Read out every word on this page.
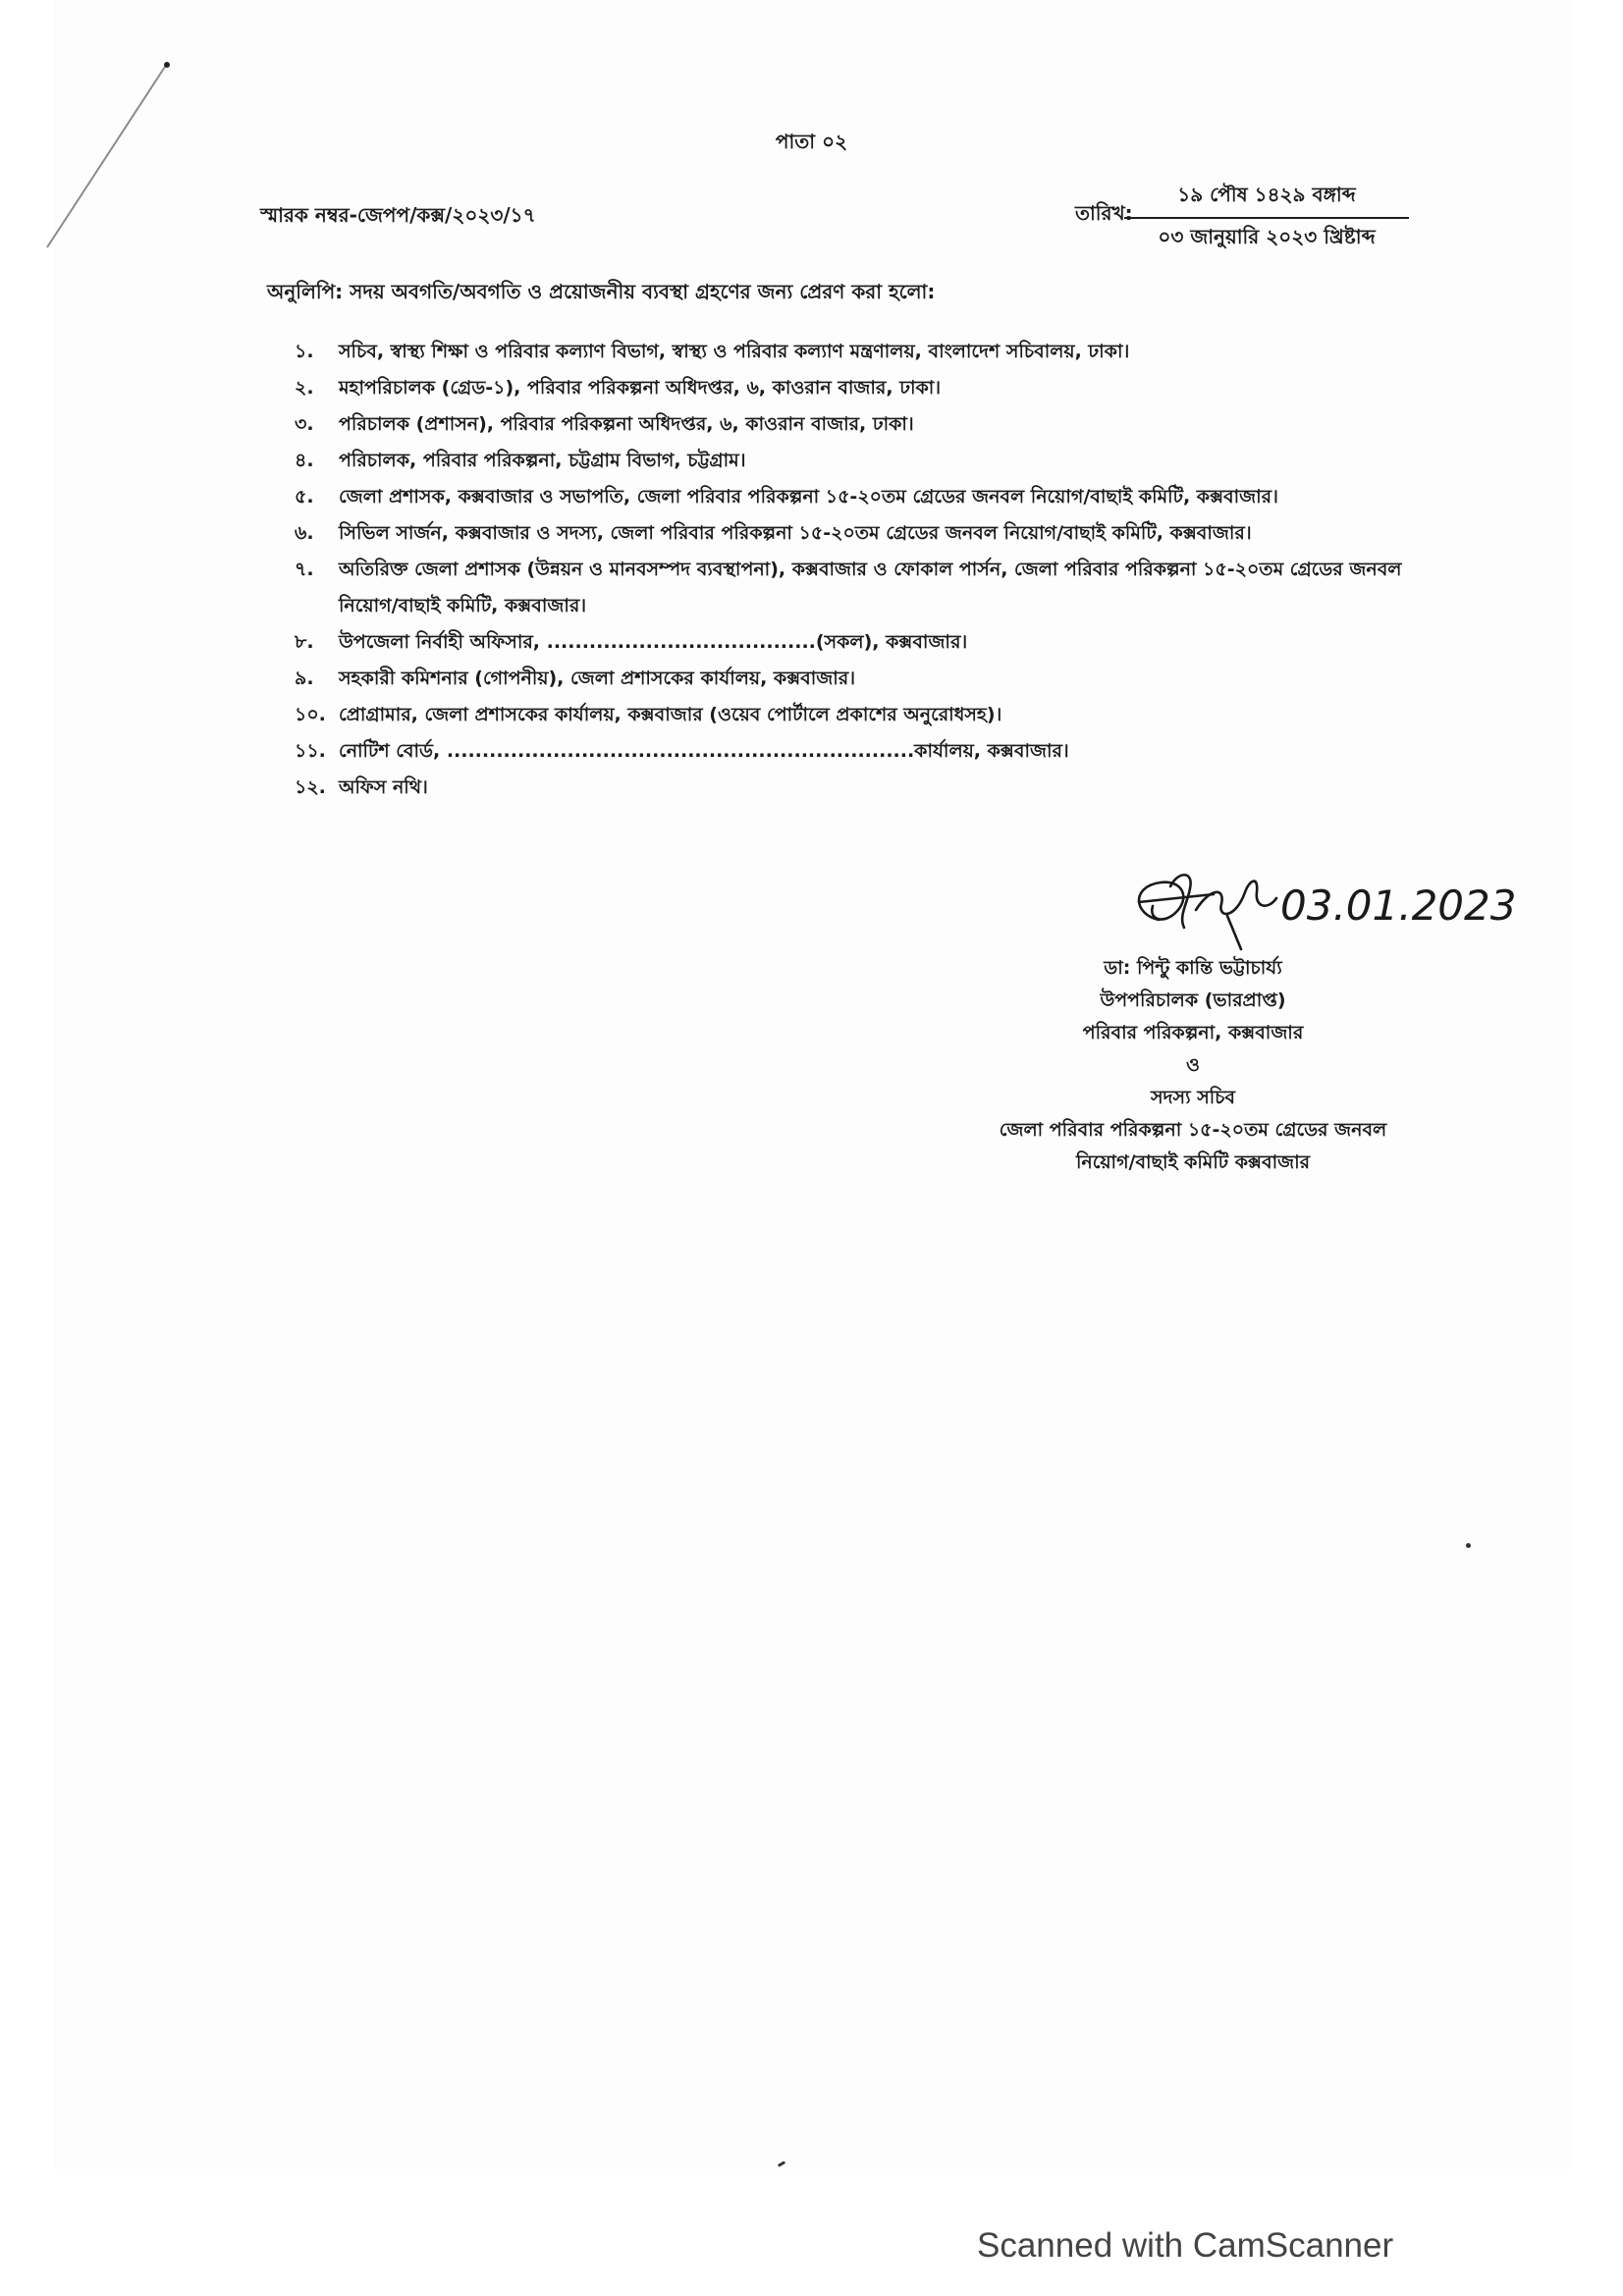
পাতা ০২
স্মারক নম্বর-জেপপ/কক্স/২০২৩/১৭	তারিখ:
১৯ পৌষ ১৪২৯ বঙ্গাব্দ
০৩ জানুয়ারি ২০২৩ খ্রিষ্টাব্দ
অনুলিপি: সদয় অবগতি/অবগতি ও প্রয়োজনীয় ব্যবস্থা গ্রহণের জন্য প্রেরণ করা হলো:
১.	সচিব, স্বাস্থ্য শিক্ষা ও পরিবার কল্যাণ বিভাগ, স্বাস্থ্য ও পরিবার কল্যাণ মন্ত্রণালয়, বাংলাদেশ সচিবালয়, ঢাকা।
২.	মহাপরিচালক (গ্রেড-১), পরিবার পরিকল্পনা অধিদপ্তর, ৬, কাওরান বাজার, ঢাকা।
৩.	পরিচালক (প্রশাসন), পরিবার পরিকল্পনা অধিদপ্তর, ৬, কাওরান বাজার, ঢাকা।
৪.	পরিচালক, পরিবার পরিকল্পনা, চট্টগ্রাম বিভাগ, চট্টগ্রাম।
৫.	জেলা প্রশাসক, কক্সবাজার ও সভাপতি, জেলা পরিবার পরিকল্পনা ১৫-২০তম গ্রেডের জনবল নিয়োগ/বাছাই কমিটি, কক্সবাজার।
৬.	সিভিল সার্জন, কক্সবাজার ও সদস্য, জেলা পরিবার পরিকল্পনা ১৫-২০তম গ্রেডের জনবল নিয়োগ/বাছাই কমিটি, কক্সবাজার।
৭.	অতিরিক্ত জেলা প্রশাসক (উন্নয়ন ও মানবসম্পদ ব্যবস্থাপনা), কক্সবাজার ও ফোকাল পার্সন, জেলা পরিবার পরিকল্পনা ১৫-২০তম গ্রেডের জনবল নিয়োগ/বাছাই কমিটি, কক্সবাজার।
৮.	উপজেলা নির্বাহী অফিসার, ......................................(সকল), কক্সবাজার।
৯.	সহকারী কমিশনার (গোপনীয়), জেলা প্রশাসকের কার্যালয়, কক্সবাজার।
১০. প্রোগ্রামার, জেলা প্রশাসকের কার্যালয়, কক্সবাজার (ওয়েব পোর্টালে প্রকাশের অনুরোধসহ)।
১১. নোটিশ বোর্ড, ..................................................................কার্যালয়, কক্সবাজার।
১২. অফিস নথি।
03.01.2023
ডা: পিন্টু কান্তি ভট্টাচার্য্য
উপপরিচালক (ভারপ্রাপ্ত)
পরিবার পরিকল্পনা, কক্সবাজার
ও
সদস্য সচিব
জেলা পরিবার পরিকল্পনা ১৫-২০তম গ্রেডের জনবল
নিয়োগ/বাছাই কমিটি কক্সবাজার
Scanned with CamScanner
